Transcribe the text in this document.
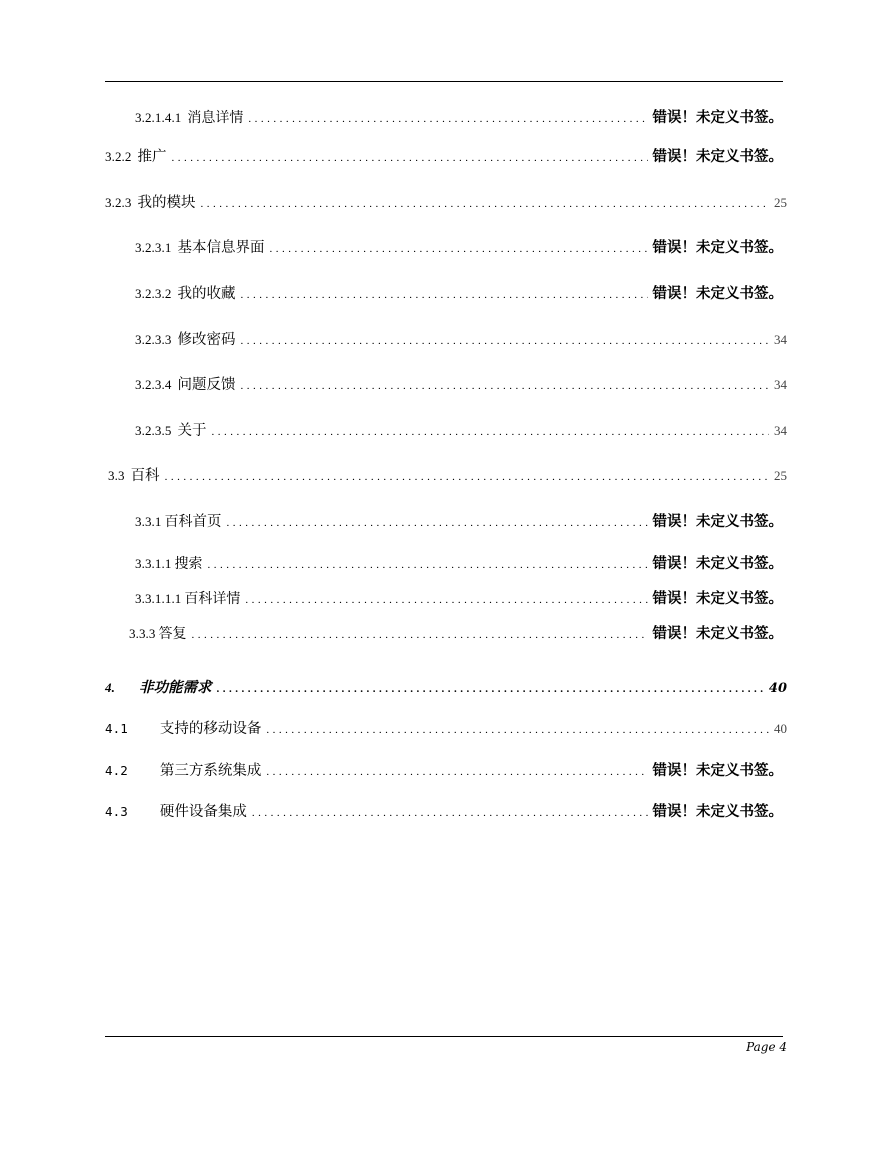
3.2.1.4.1 消息详情 .....	错误！未定义书签。
3.2.2 推广 .....	错误！未定义书签。
3.2.3 我的模块 .....	25
3.2.3.1 基本信息界面 .....	错误！未定义书签。
3.2.3.2 我的收藏 .....	错误！未定义书签。
3.2.3.3 修改密码 .....	34
3.2.3.4 问题反馈 .....	34
3.2.3.5 关于 .....	34
3.3 百科 .....	25
3.3.1 百科 首页 .....	错误！未定义书签。
3.3.1.1 搜索 .....	错误！未定义书签。
3.3.1.1.1 百科详情 .....	错误！未定义书签。
3.3.3 答复 .....	错误！未定义书签。
4. 非功能需求 .....	40
4.1 支持的移动设备 .....	40
4.2 第三方系统集成 .....	错误！未定义书签。
4.3 硬件设备集成 .....	错误！未定义书签。
Page 4
